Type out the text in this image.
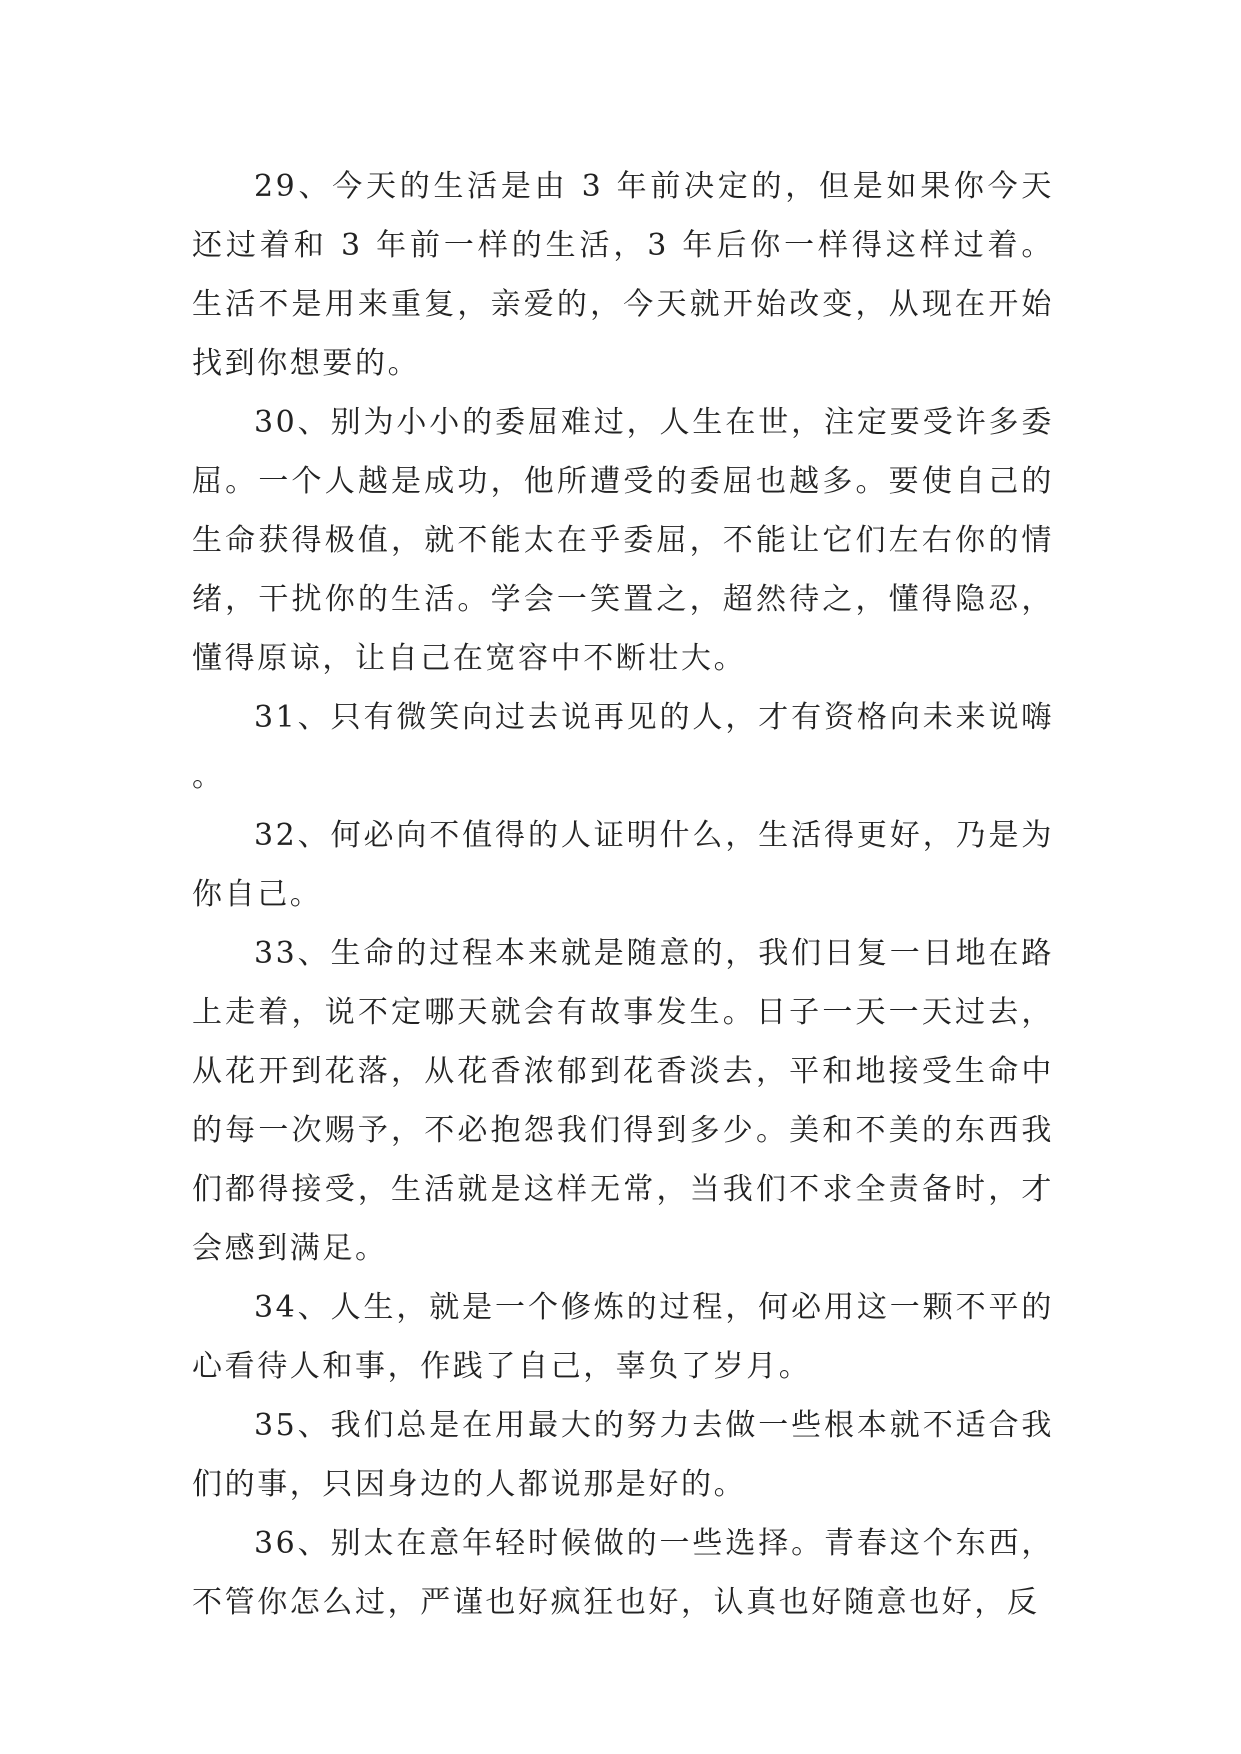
29、今天的生活是由 3 年前决定的，但是如果你今天还过着和 3 年前一样的生活，3 年后你一样得这样过着。生活不是用来重复，亲爱的，今天就开始改变，从现在开始找到你想要的。

30、别为小小的委屈难过，人生在世，注定要受许多委屈。一个人越是成功，他所遭受的委屈也越多。要使自己的生命获得极值，就不能太在乎委屈，不能让它们左右你的情绪，干扰你的生活。学会一笑置之，超然待之，懂得隐忍，懂得原谅，让自己在宽容中不断壮大。

31、只有微笑向过去说再见的人，才有资格向未来说嗨。

32、何必向不值得的人证明什么，生活得更好，乃是为你自己。

33、生命的过程本来就是随意的，我们日复一日地在路上走着，说不定哪天就会有故事发生。日子一天一天过去，从花开到花落，从花香浓郁到花香淡去，平和地接受生命中的每一次赐予，不必抱怨我们得到多少。美和不美的东西我们都得接受，生活就是这样无常，当我们不求全责备时，才会感到满足。

34、人生，就是一个修炼的过程，何必用这一颗不平的心看待人和事，作践了自己，辜负了岁月。

35、我们总是在用最大的努力去做一些根本就不适合我们的事，只因身边的人都说那是好的。

36、别太在意年轻时候做的一些选择。青春这个东西，不管你怎么过，严谨也好疯狂也好，认真也好随意也好，反
